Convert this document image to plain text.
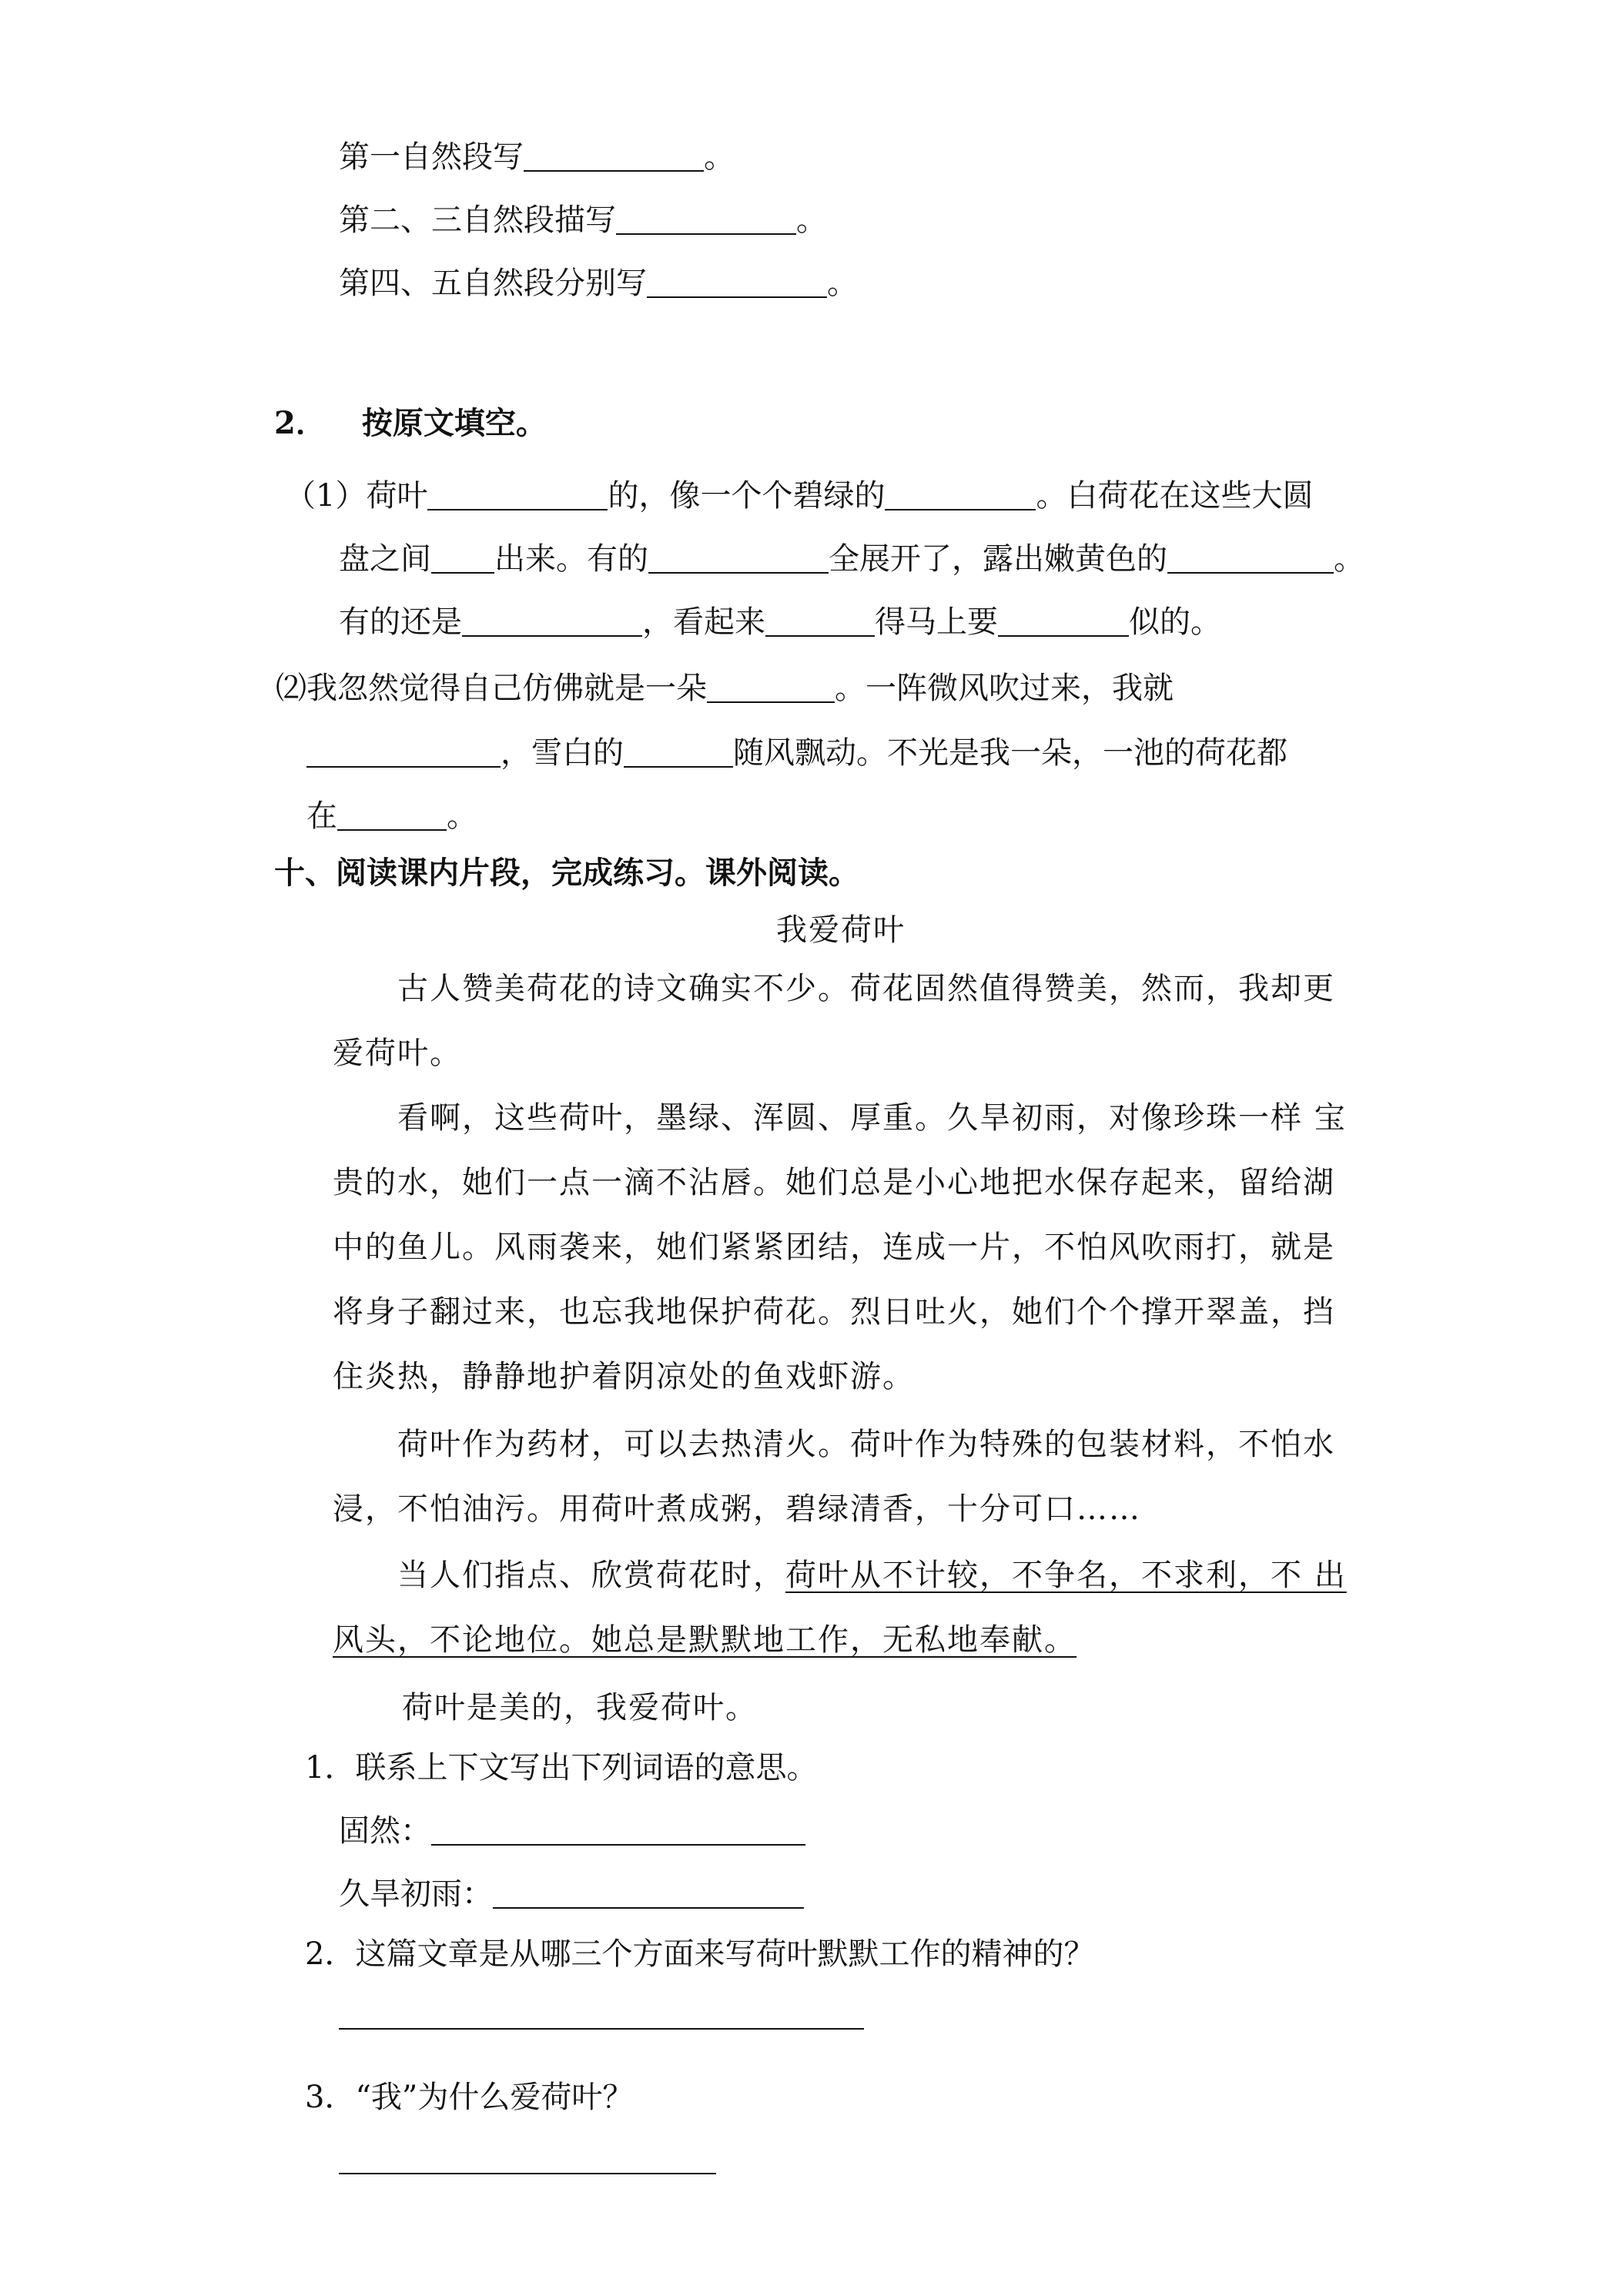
第一自然段写	。
第二、三自然段描写	。
第四、五自然段分别写	。
2． 按原文填空。
（1）荷叶	的，像一个个碧绿的	。白荷花在这些大圆
盘之间 出来。有的	全展开了，露出嫩黄色的	。
有的还是	，看起来	得马上要	似的。
⑵我忽然觉得自己仿佛就是一朵	。一阵微风吹过来，我就
，雪白的	随风飘动。不光是我一朵，一池的荷花都
在	。
十、阅读课内片段，完成练习。课外阅读。
我爱荷叶
古人赞美荷花的诗文确实不少。荷花固然值得赞美，然而，我却更
爱荷叶。
看啊，这些荷叶，墨绿、浑圆、厚重。久旱初雨，对像珍珠一样 宝
贵的水，她们一点一滴不沾唇。她们总是小心地把水保存起来，留给湖
中的鱼儿。风雨袭来，她们紧紧团结，连成一片，不怕风吹雨打，就是
将身子翻过来，也忘我地保护荷花。烈日吐火，她们个个撑开翠盖，挡
住炎热，静静地护着阴凉处的鱼戏虾游。
荷叶作为药材，可以去热清火。荷叶作为特殊的包装材料，不怕水
浸，不怕油污。用荷叶煮成粥，碧绿清香，十分可口……
当人们指点、欣赏荷花时，荷叶从不计较，不争名，不求利，不 出
风头，不论地位。她总是默默地工作，无私地奉献。
荷叶是美的，我爱荷叶。
1．联系上下文写出下列词语的意思。
固然：
久旱初雨：
2．这篇文章是从哪三个方面来写荷叶默默工作的精神的？
3．“我”为什么爱荷叶？
